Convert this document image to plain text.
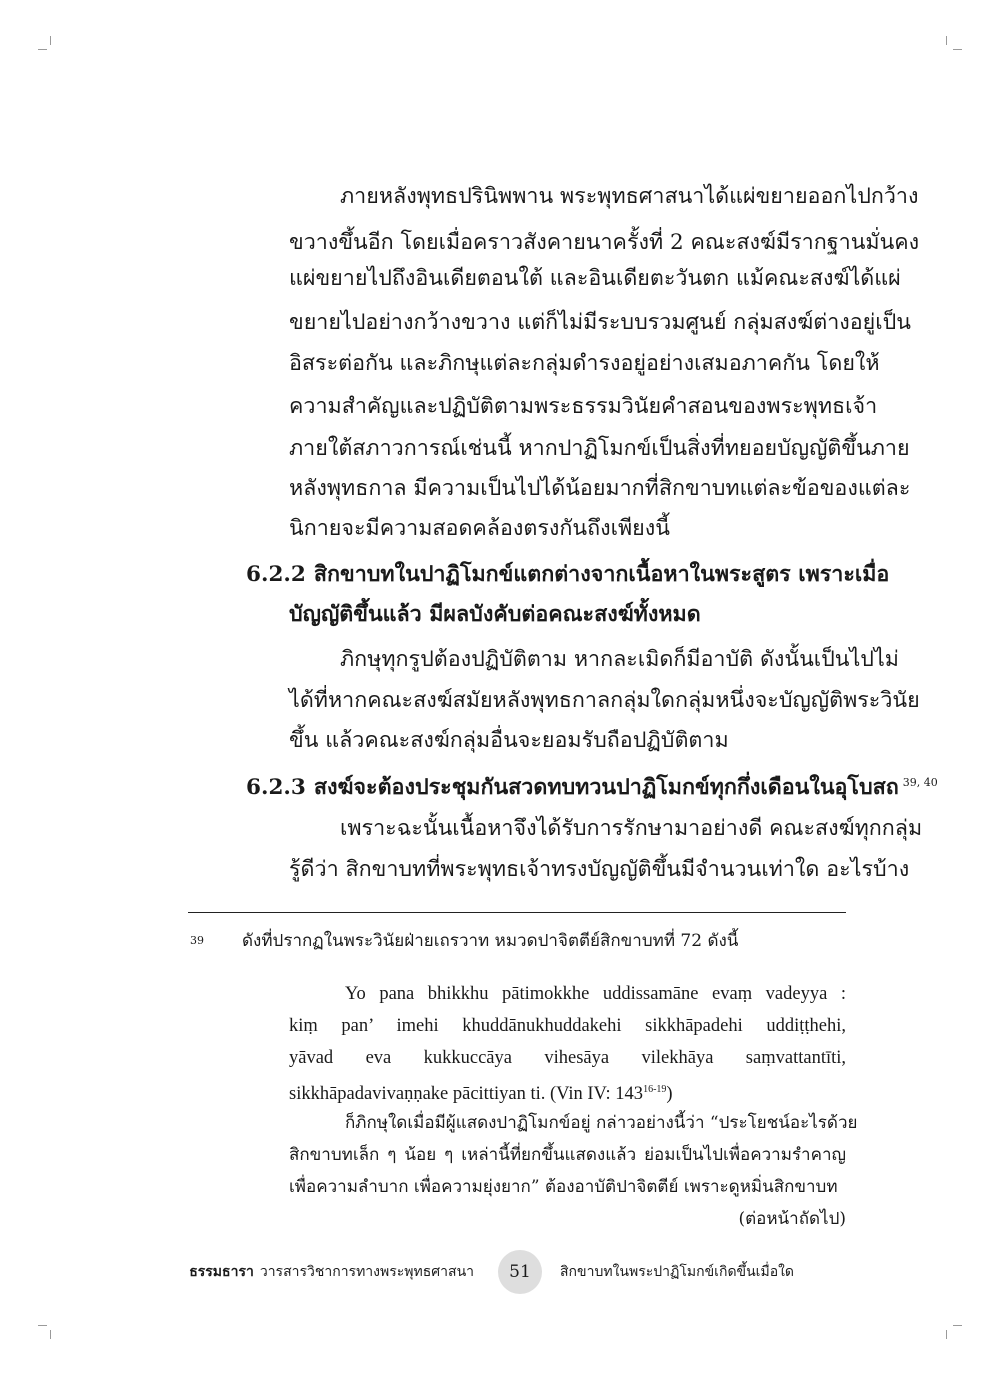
ภายหลังพุทธปรินิพพาน พระพุทธศาสนาได้แผ่ขยายออกไปกว้าง
ขวางขึ้นอีก โดยเมื่อคราวสังคายนาครั้งที่ 2 คณะสงฆ์มีรากฐานมั่นคง
แผ่ขยายไปถึงอินเดียตอนใต้ และอินเดียตะวันตก แม้คณะสงฆ์ได้แผ่
ขยายไปอย่างกว้างขวาง แต่ก็ไม่มีระบบรวมศูนย์ กลุ่มสงฆ์ต่างอยู่เป็น
อิสระต่อกัน และภิกษุแต่ละกลุ่มดำรงอยู่อย่างเสมอภาคกัน โดยให้
ความสำคัญและปฏิบัติตามพระธรรมวินัยคำสอนของพระพุทธเจ้า
ภายใต้สภาวการณ์เช่นนี้ หากปาฏิโมกข์เป็นสิ่งที่ทยอยบัญญัติขึ้นภาย
หลังพุทธกาล มีความเป็นไปได้น้อยมากที่สิกขาบทแต่ละข้อของแต่ละ
นิกายจะมีความสอดคล้องตรงกันถึงเพียงนี้
6.2.2 สิกขาบทในปาฏิโมกข์แตกต่างจากเนื้อหาในพระสูตร เพราะเมื่อ
บัญญัติขึ้นแล้ว มีผลบังคับต่อคณะสงฆ์ทั้งหมด
ภิกษุทุกรูปต้องปฏิบัติตาม หากละเมิดก็มีอาบัติ ดังนั้นเป็นไปไม่
ได้ที่หากคณะสงฆ์สมัยหลังพุทธกาลกลุ่มใดกลุ่มหนึ่งจะบัญญัติพระวินัย
ขึ้น แล้วคณะสงฆ์กลุ่มอื่นจะยอมรับถือปฏิบัติตาม
6.2.3 สงฆ์จะต้องประชุมกันสวดทบทวนปาฏิโมกข์ทุกกึ่งเดือนในอุโบสถ $^{39, 40}$
เพราะฉะนั้นเนื้อหาจึงได้รับการรักษามาอย่างดี คณะสงฆ์ทุกกลุ่ม
รู้ดีว่า สิกขาบทที่พระพุทธเจ้าทรงบัญญัติขึ้นมีจำนวนเท่าใด อะไรบ้าง
39 ดังที่ปรากฏในพระวินัยฝ่ายเถรวาท หมวดปาจิตตีย์สิกขาบทที่ 72 ดังนี้
Yo pana bhikkhu pātimokkhe uddissamāne evaṃ vadeyya :
kiṃ pan’ imehi khuddānukhuddakehi sikkhāpadehi uddiṭṭhehi,
yāvad eva kukkuccāya vihesāya vilekhāya saṃvattantīti,
sikkhāpadavivaṇṇake pācittiyan ti. (Vin IV: 143$^{16-19}$)
ก็ภิกษุใดเมื่อมีผู้แสดงปาฏิโมกข์อยู่ กล่าวอย่างนี้ว่า “ประโยชน์อะไรด้วย
สิกขาบทเล็ก ๆ น้อย ๆ เหล่านี้ที่ยกขึ้นแสดงแล้ว ย่อมเป็นไปเพื่อความรำคาญ
เพื่อความลำบาก เพื่อความยุ่งยาก” ต้องอาบัติปาจิตตีย์ เพราะดูหมิ่นสิกขาบท
(ต่อหน้าถัดไป)
ธรรมธารา วารสารวิชาการทางพระพุทธศาสนา 51 สิกขาบทในพระปาฏิโมกข์เกิดขึ้นเมื่อใด
